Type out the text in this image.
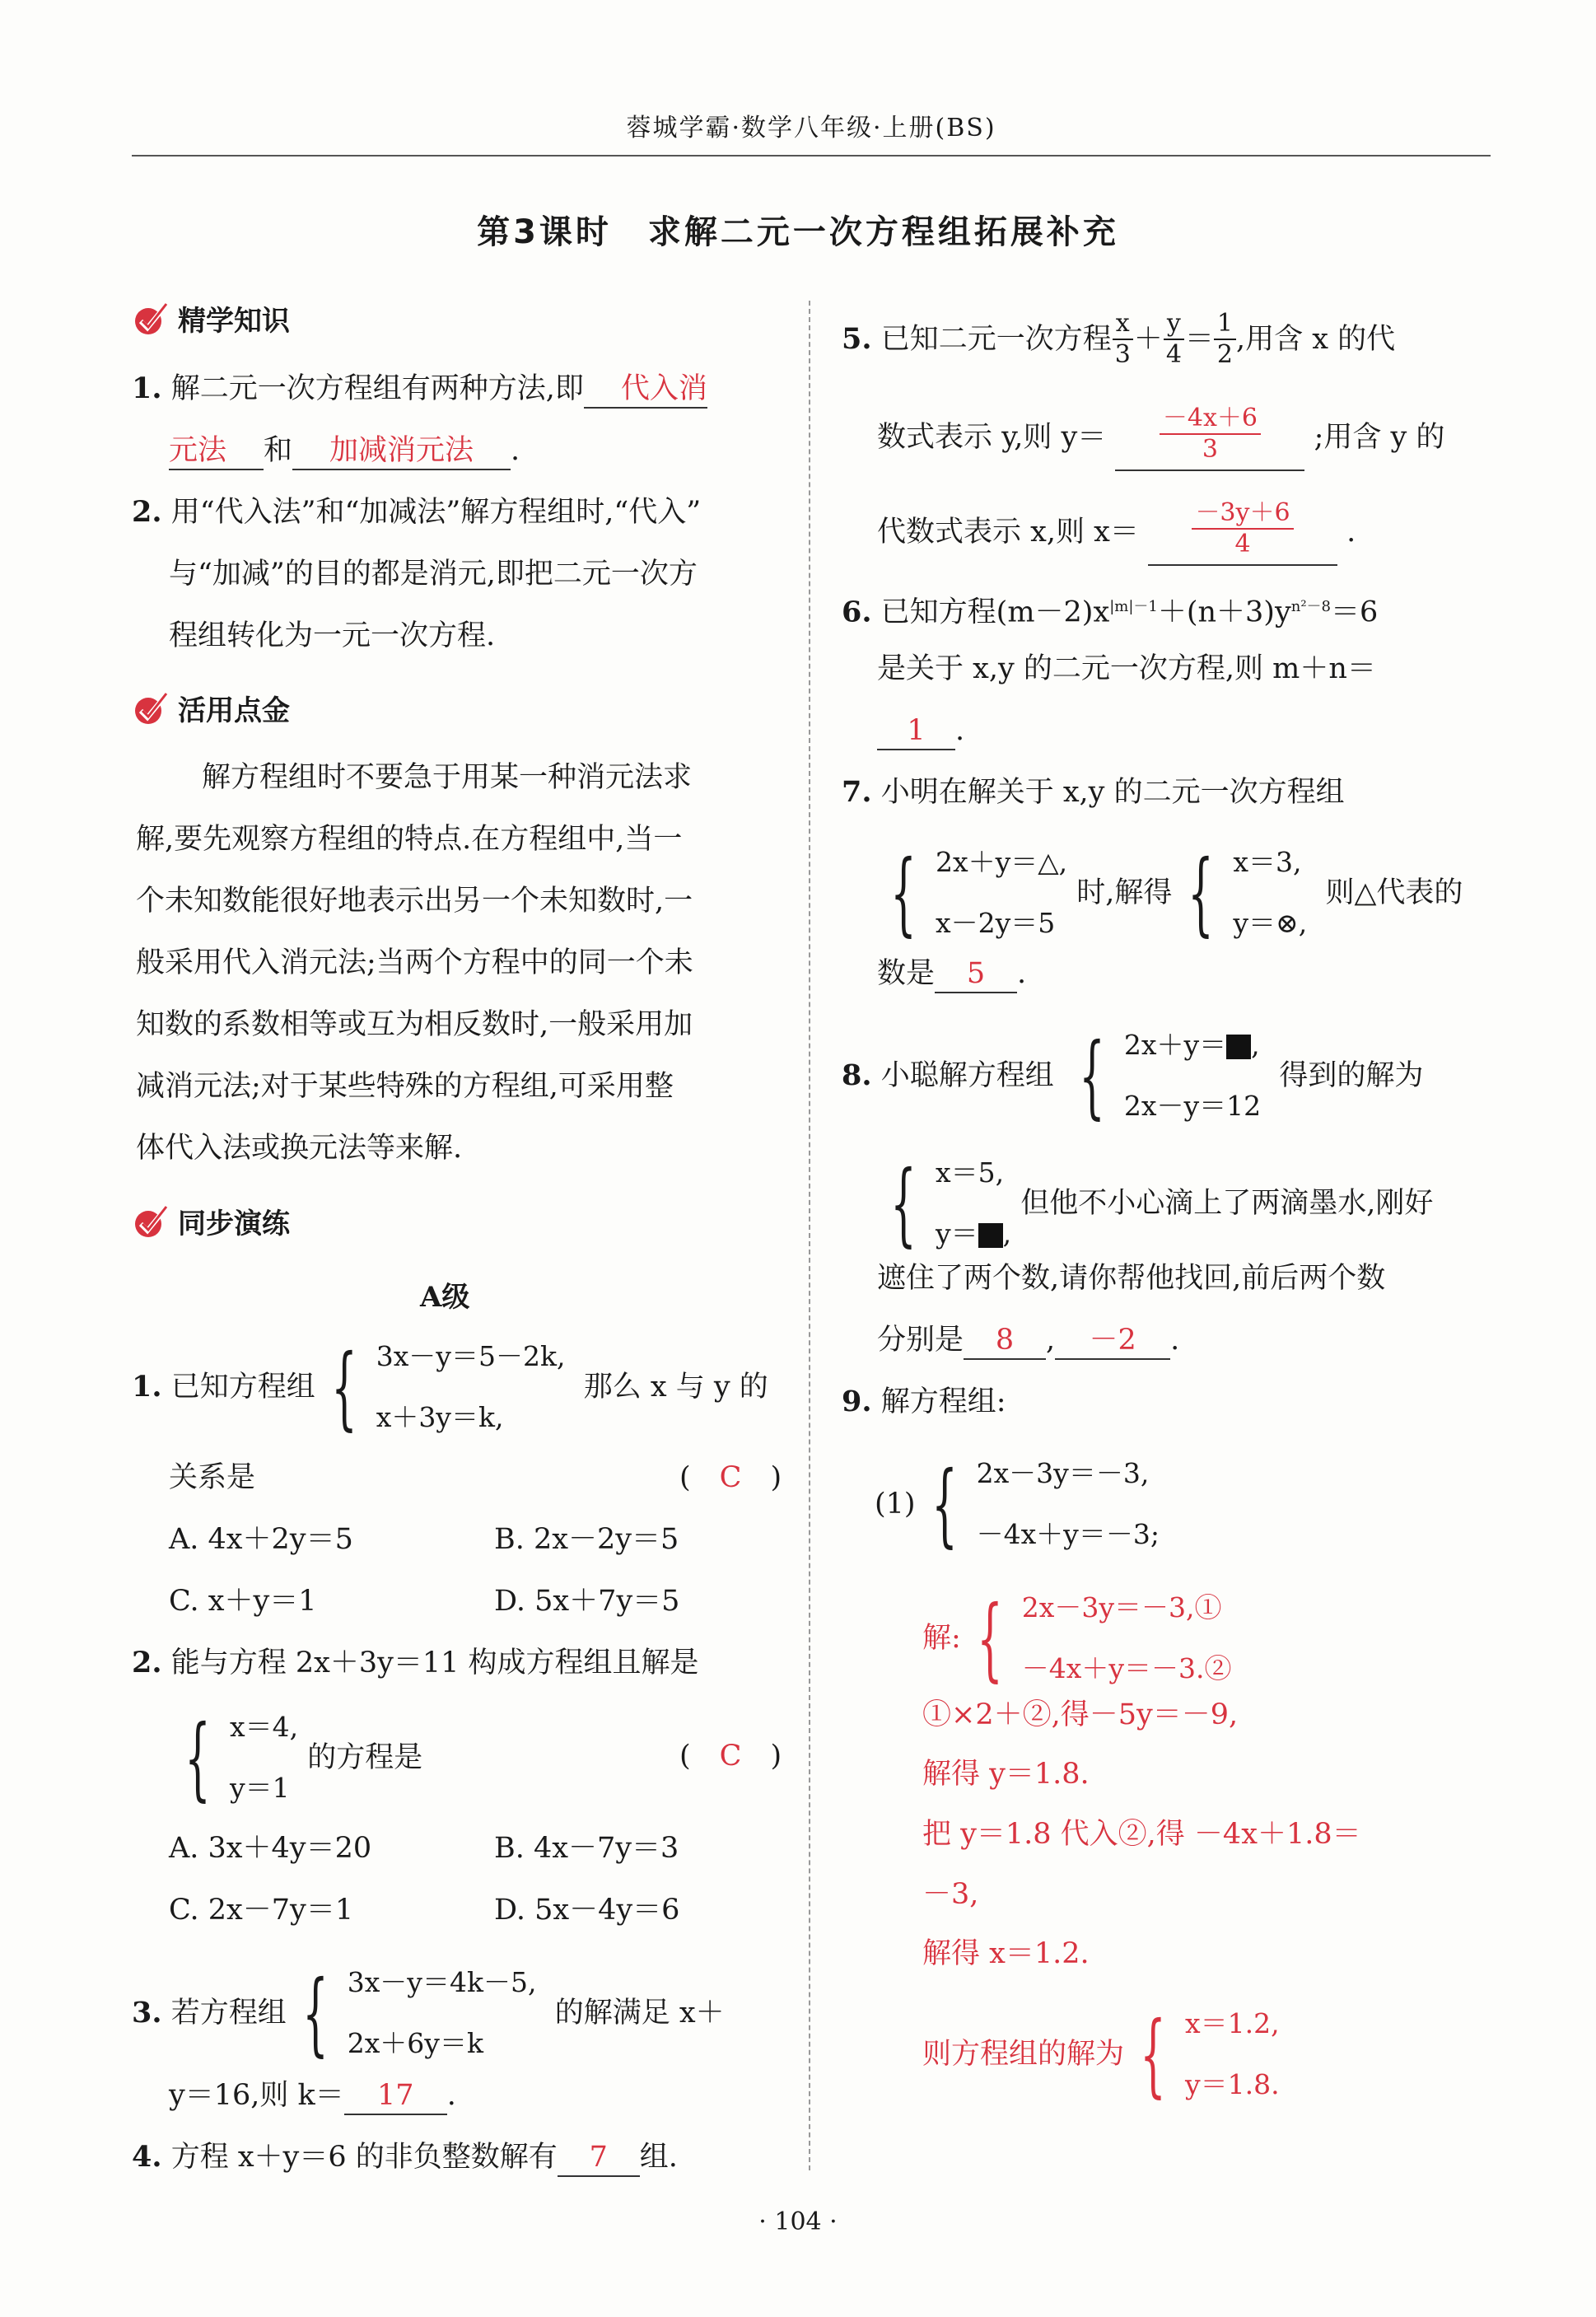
蓉城学霸·数学八年级·上册(BS)
第3课时　求解二元一次方程组拓展补充
精学知识
1. 解二元一次方程组有两种方法,即 代入消
元法 和 加减消元法 .
2. 用“代入法”和“加减法”解方程组时,“代入”
与“加减”的目的都是消元,即把二元一次方
程组转化为一元一次方程.
活用点金
解方程组时不要急于用某一种消元法求
解,要先观察方程组的特点.在方程组中,当一
个未知数能很好地表示出另一个未知数时,一
般采用代入消元法;当两个方程中的同一个未
知数的系数相等或互为相反数时,一般采用加
减消元法;对于某些特殊的方程组,可采用整
体代入法或换元法等来解.
同步演练
A级
1.
已知方程组 { 3x－y＝5－2k,
x＋3y＝k,

那么 x 与 y 的
关系是	(　C　)
A. 4x＋2y＝5	B. 2x－2y＝5
C. x＋y＝1	D. 5x＋7y＝5
2. 能与方程 2x＋3y＝11 构成方程组且解是
{ x＝4,
y＝1

的方程是	(　C　)
A. 3x＋4y＝20	B. 4x－7y＝3
C. 2x－7y＝1	D. 5x－4y＝6
3.
若方程组 { 3x－y＝4k－5,
2x＋6y＝k

的解满足 x＋
y＝16,则 k＝ 17 .
4. 方程 x＋y＝6 的非负整数解有 7 组.
5.
已知二元一次方程 $\frac{x}{3} + \frac{y}{4} = \frac{1}{2}$ ,用含 x 的代
数式表示 y,则 y＝
$\frac{-4x+6}{3}$
;用含 y 的
代数式表示 x,则 x＝
$\frac{-3y+6}{4}$ .
6. 已知方程$(m-2)x^{|m|-1}+(n+3)y^{n^2-8}=6$
是关于 x,y 的二元一次方程,则 m＋n＝
1 .
7. 小明在解关于 x,y 的二元一次方程组
{ 2x＋y＝△,
x－2y＝5

时,解得 { x＝3,
y＝⊗,

则△代表的
数是 5 .
8.
小聪解方程组
{ 2x＋y＝ ,
2x－y＝12

得到的解为
{ x＝5,
y＝ ,

但他不小心滴上了两滴墨水,刚好
遮住了两个数,请你帮他找回,前后两个数
分别是 8 , －2 .
9. 解方程组:
(1) { 2x－3y＝－3,
－4x＋y＝－3;
解: { 2x－3y＝－3,①
－4x＋y＝－3.②
①×2＋②,得－5y＝－9,
解得 y＝1.8.
把 y＝1.8 代入②,得 －4x＋1.8＝
－3,
解得 x＝1.2.
则方程组的解为 { x＝1.2,
y＝1.8.
· 104 ·
